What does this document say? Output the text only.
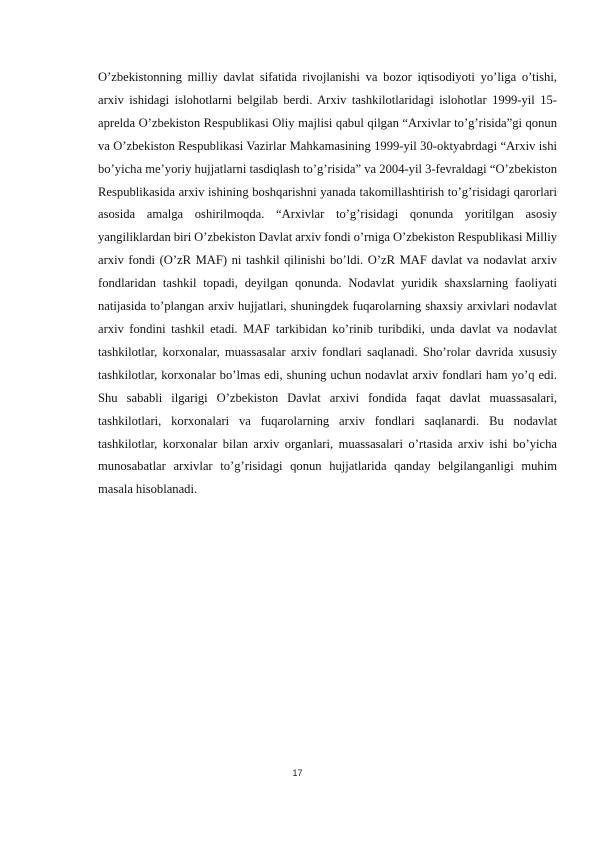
O’zbekistonning milliy davlat sifatida rivojlanishi va bozor iqtisodiyoti yo’liga o’tishi, arxiv ishidagi islohotlarni belgilab berdi. Arxiv tashkilotlaridagi islohotlar 1999-yil 15-aprelda O’zbekiston Respublikasi Oliy majlisi qabul qilgan “Arxivlar to’g’risida”gi qonun va O’zbekiston Respublikasi Vazirlar Mahkamasining 1999-yil 30-oktyabrdagi “Arxiv ishi bo’yicha me’yoriy hujjatlarni tasdiqlash to’g’risida” va 2004-yil 3-fevraldagi “O’zbekiston Respublikasida arxiv ishining boshqarishni yanada takomillashtirish to’g’risidagi qarorlari asosida amalga oshirilmoqda. “Arxivlar to’g’risidagi qonunda yoritilgan asosiy yangiliklardan biri O’zbekiston Davlat arxiv fondi o’rniga O’zbekiston Respublikasi Milliy arxiv fondi (O’zR MAF) ni tashkil qilinishi bo’ldi. O’zR MAF davlat va nodavlat arxiv fondlaridan tashkil topadi, deyilgan qonunda. Nodavlat yuridik shaxslarning faoliyati natijasida to’plangan arxiv hujjatlari, shuningdek fuqarolarning shaxsiy arxivlari nodavlat arxiv fondini tashkil etadi. MAF tarkibidan ko’rinib turibdiki, unda davlat va nodavlat tashkilotlar, korxonalar, muassasalar arxiv fondlari saqlanadi. Sho’rolar davrida xususiy tashkilotlar, korxonalar bo’lmas edi, shuning uchun nodavlat arxiv fondlari ham yo’q edi. Shu sababli ilgarigi O’zbekiston Davlat arxivi fondida faqat davlat muassasalari, tashkilotlari, korxonalari va fuqarolarning arxiv fondlari saqlanardi. Bu nodavlat tashkilotlar, korxonalar bilan arxiv organlari, muassasalari o’rtasida arxiv ishi bo’yicha munosabatlar arxivlar to’g’risidagi qonun hujjatlarida qanday belgilanganligi muhim masala hisoblanadi.

17
